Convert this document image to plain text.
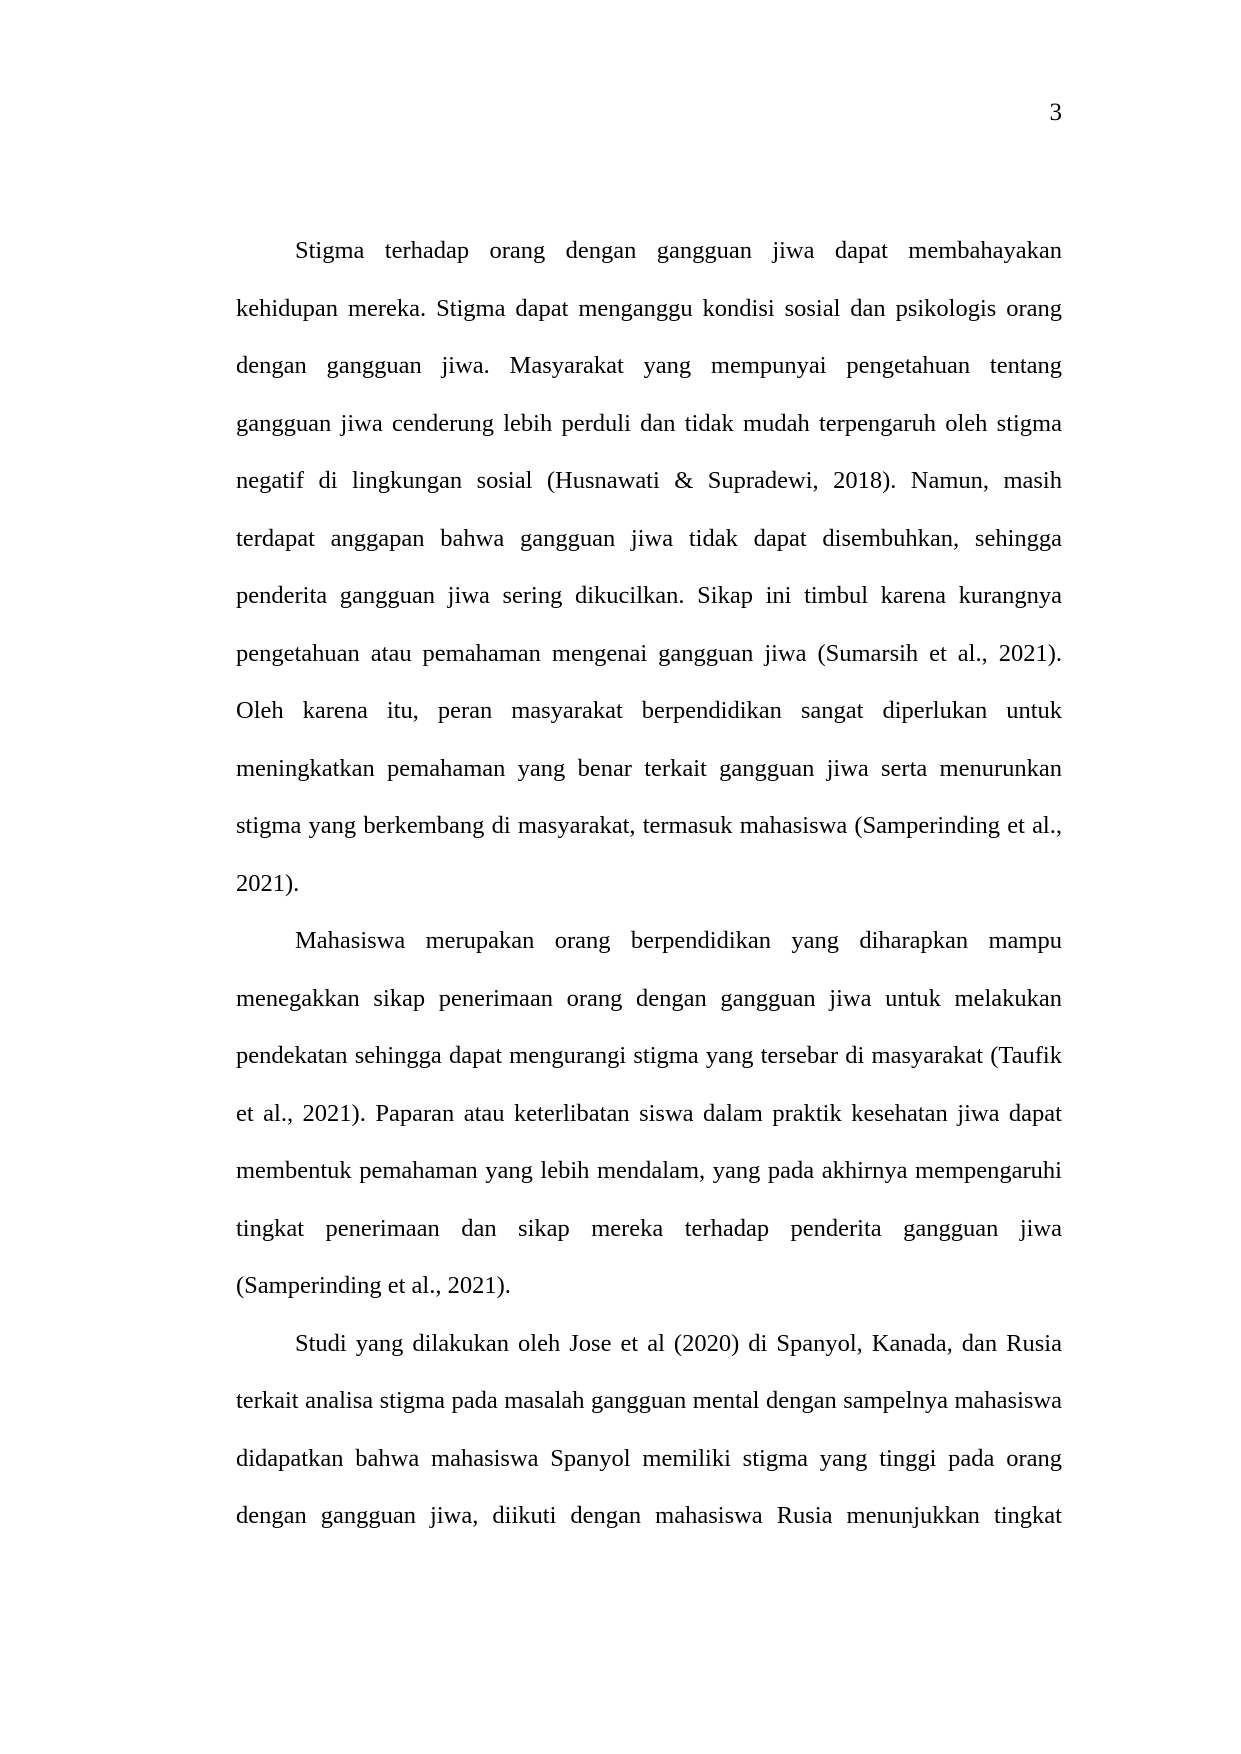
3
Stigma terhadap orang dengan gangguan jiwa dapat membahayakan
kehidupan mereka. Stigma dapat menganggu kondisi sosial dan psikologis orang
dengan gangguan jiwa. Masyarakat yang mempunyai pengetahuan tentang
gangguan jiwa cenderung lebih perduli dan tidak mudah terpengaruh oleh stigma
negatif di lingkungan sosial (Husnawati & Supradewi, 2018). Namun, masih
terdapat anggapan bahwa gangguan jiwa tidak dapat disembuhkan, sehingga
penderita gangguan jiwa sering dikucilkan. Sikap ini timbul karena kurangnya
pengetahuan atau pemahaman mengenai gangguan jiwa (Sumarsih et al., 2021).
Oleh karena itu, peran masyarakat berpendidikan sangat diperlukan untuk
meningkatkan pemahaman yang benar terkait gangguan jiwa serta menurunkan
stigma yang berkembang di masyarakat, termasuk mahasiswa (Samperinding et al.,
2021).
Mahasiswa merupakan orang berpendidikan yang diharapkan mampu
menegakkan sikap penerimaan orang dengan gangguan jiwa untuk melakukan
pendekatan sehingga dapat mengurangi stigma yang tersebar di masyarakat (Taufik
et al., 2021). Paparan atau keterlibatan siswa dalam praktik kesehatan jiwa dapat
membentuk pemahaman yang lebih mendalam, yang pada akhirnya mempengaruhi
tingkat penerimaan dan sikap mereka terhadap penderita gangguan jiwa
(Samperinding et al., 2021).
Studi yang dilakukan oleh Jose et al (2020) di Spanyol, Kanada, dan Rusia
terkait analisa stigma pada masalah gangguan mental dengan sampelnya mahasiswa
didapatkan bahwa mahasiswa Spanyol memiliki stigma yang tinggi pada orang
dengan gangguan jiwa, diikuti dengan mahasiswa Rusia menunjukkan tingkat
